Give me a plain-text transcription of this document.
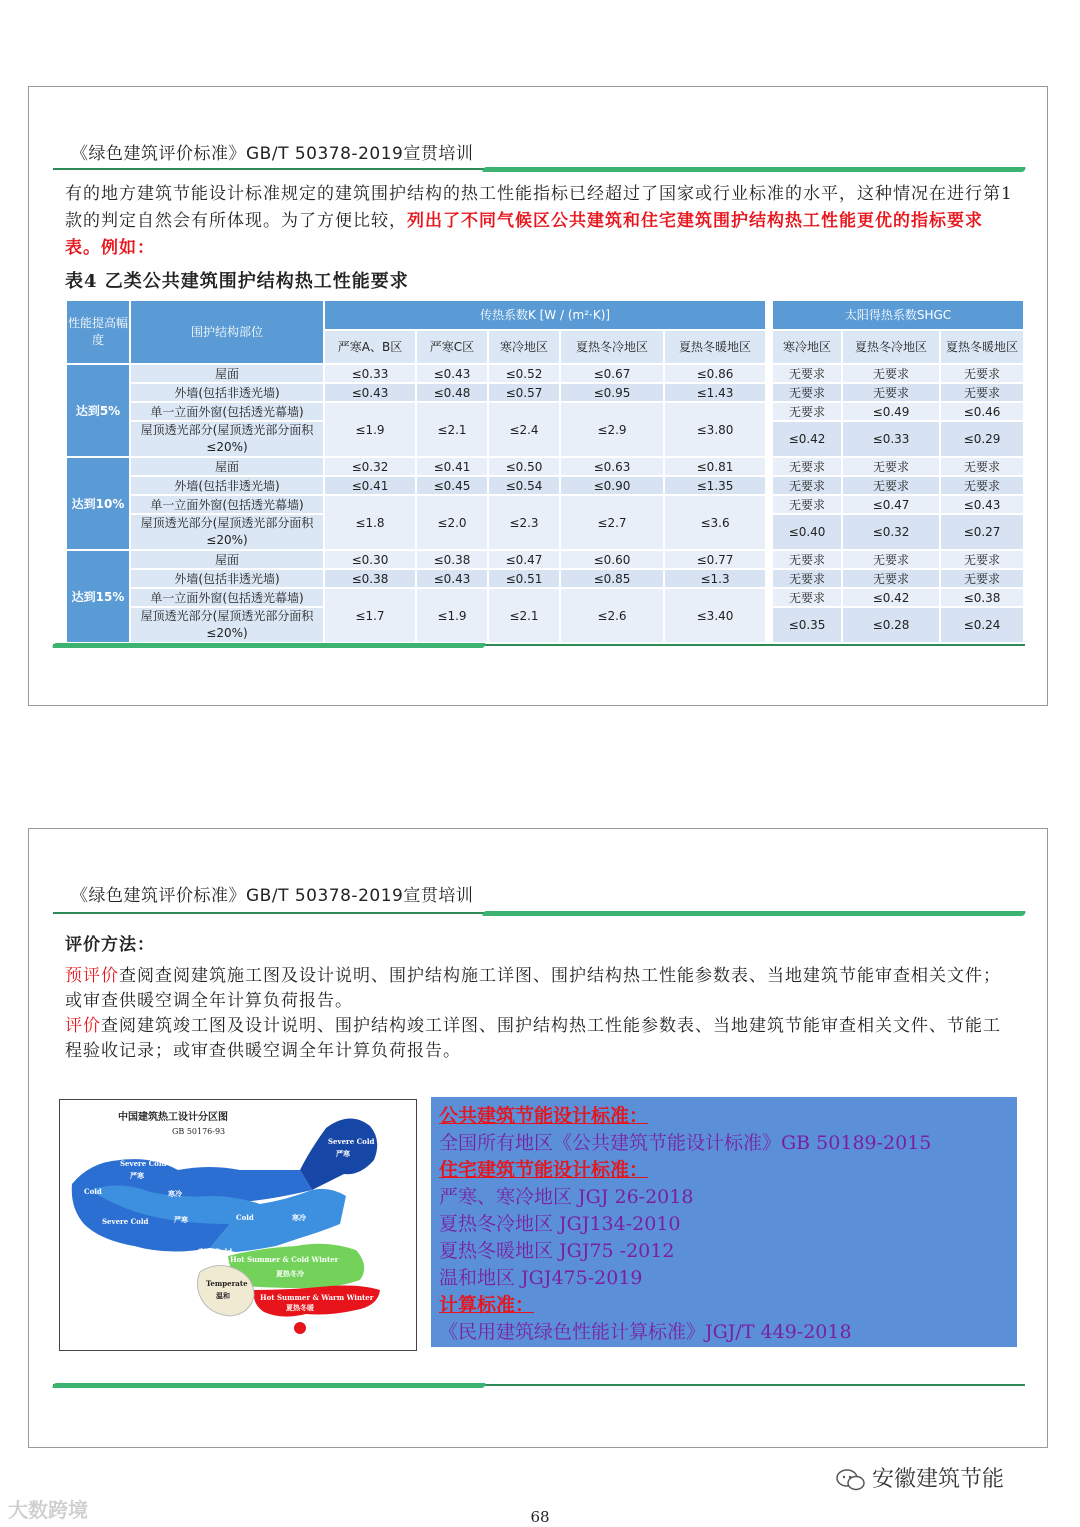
《绿色建筑评价标准》GB/T 50378-2019宣贯培训
有的地方建筑节能设计标准规定的建筑围护结构的热工性能指标已经超过了国家或行业标准的水平，这种情况在进行第1款的判定自然会有所体现。为了方便比较，列出了不同气候区公共建筑和住宅建筑围护结构热工性能更优的指标要求表。例如：
表4 乙类公共建筑围护结构热工性能要求
性能提高幅度	围护结构部位	传热系数K [W / (m²·K)]						太阳得热系数SHGC		
		严寒A、B区	严寒C区	寒冷地区	夏热冬冷地区	夏热冬暖地区		寒冷地区	夏热冬冷地区	夏热冬暖地区
达到5%	屋面	≤0.33	≤0.43	≤0.52	≤0.67	≤0.86		无要求	无要求	无要求
	外墙(包括非透光墙)	≤0.43	≤0.48	≤0.57	≤0.95	≤1.43		无要求	无要求	无要求
	单一立面外窗(包括透光幕墙)	≤1.9	≤2.1	≤2.4	≤2.9	≤3.80		无要求	≤0.49	≤0.46
	屋顶透光部分(屋顶透光部分面积≤20%)							≤0.42	≤0.33	≤0.29

达到10%	屋面	≤0.32	≤0.41	≤0.50	≤0.63	≤0.81		无要求	无要求	无要求
	外墙(包括非透光墙)	≤0.41	≤0.45	≤0.54	≤0.90	≤1.35		无要求	无要求	无要求
	单一立面外窗(包括透光幕墙)	≤1.8	≤2.0	≤2.3	≤2.7	≤3.6		无要求	≤0.47	≤0.43
	屋顶透光部分(屋顶透光部分面积≤20%)							≤0.40	≤0.32	≤0.27

达到15%	屋面	≤0.30	≤0.38	≤0.47	≤0.60	≤0.77		无要求	无要求	无要求
	外墙(包括非透光墙)	≤0.38	≤0.43	≤0.51	≤0.85	≤1.3		无要求	无要求	无要求
	单一立面外窗(包括透光幕墙)	≤1.7	≤1.9	≤2.1	≤2.6	≤3.40		无要求	≤0.42	≤0.38
	屋顶透光部分(屋顶透光部分面积≤20%)							≤0.35	≤0.28	≤0.24

《绿色建筑评价标准》GB/T 50378-2019宣贯培训
评价方法：
预评价查阅查阅建筑施工图及设计说明、围护结构施工详图、围护结构热工性能参数表、当地建筑节能审查相关文件；或审查供暖空调全年计算负荷报告。
评价查阅建筑竣工图及设计说明、围护结构竣工详图、围护结构热工性能参数表、当地建筑节能审查相关文件、节能工程验收记录；或审查供暖空调全年计算负荷报告。
中国建筑热工设计分区图
GB 50176-93
Severe Cold
严寒
Severe Cold
严寒
Cold	寒冷
Severe Cold	严寒	Cold	寒冷
寒冷 Cold
Hot Summer & Cold Winter
夏热冬冷
Temperate
温和	Hot Summer & Warm Winter
夏热冬暖
公共建筑节能设计标准：
全国所有地区《公共建筑节能设计标准》GB 50189-2015
住宅建筑节能设计标准：
严寒、寒冷地区 JGJ 26-2018
夏热冬冷地区 JGJ134-2010
夏热冬暖地区 JGJ75 -2012
温和地区 JGJ475-2019
计算标准：
《民用建筑绿色性能计算标准》JGJ/T 449-2018
安徽建筑节能
大数跨境	68
